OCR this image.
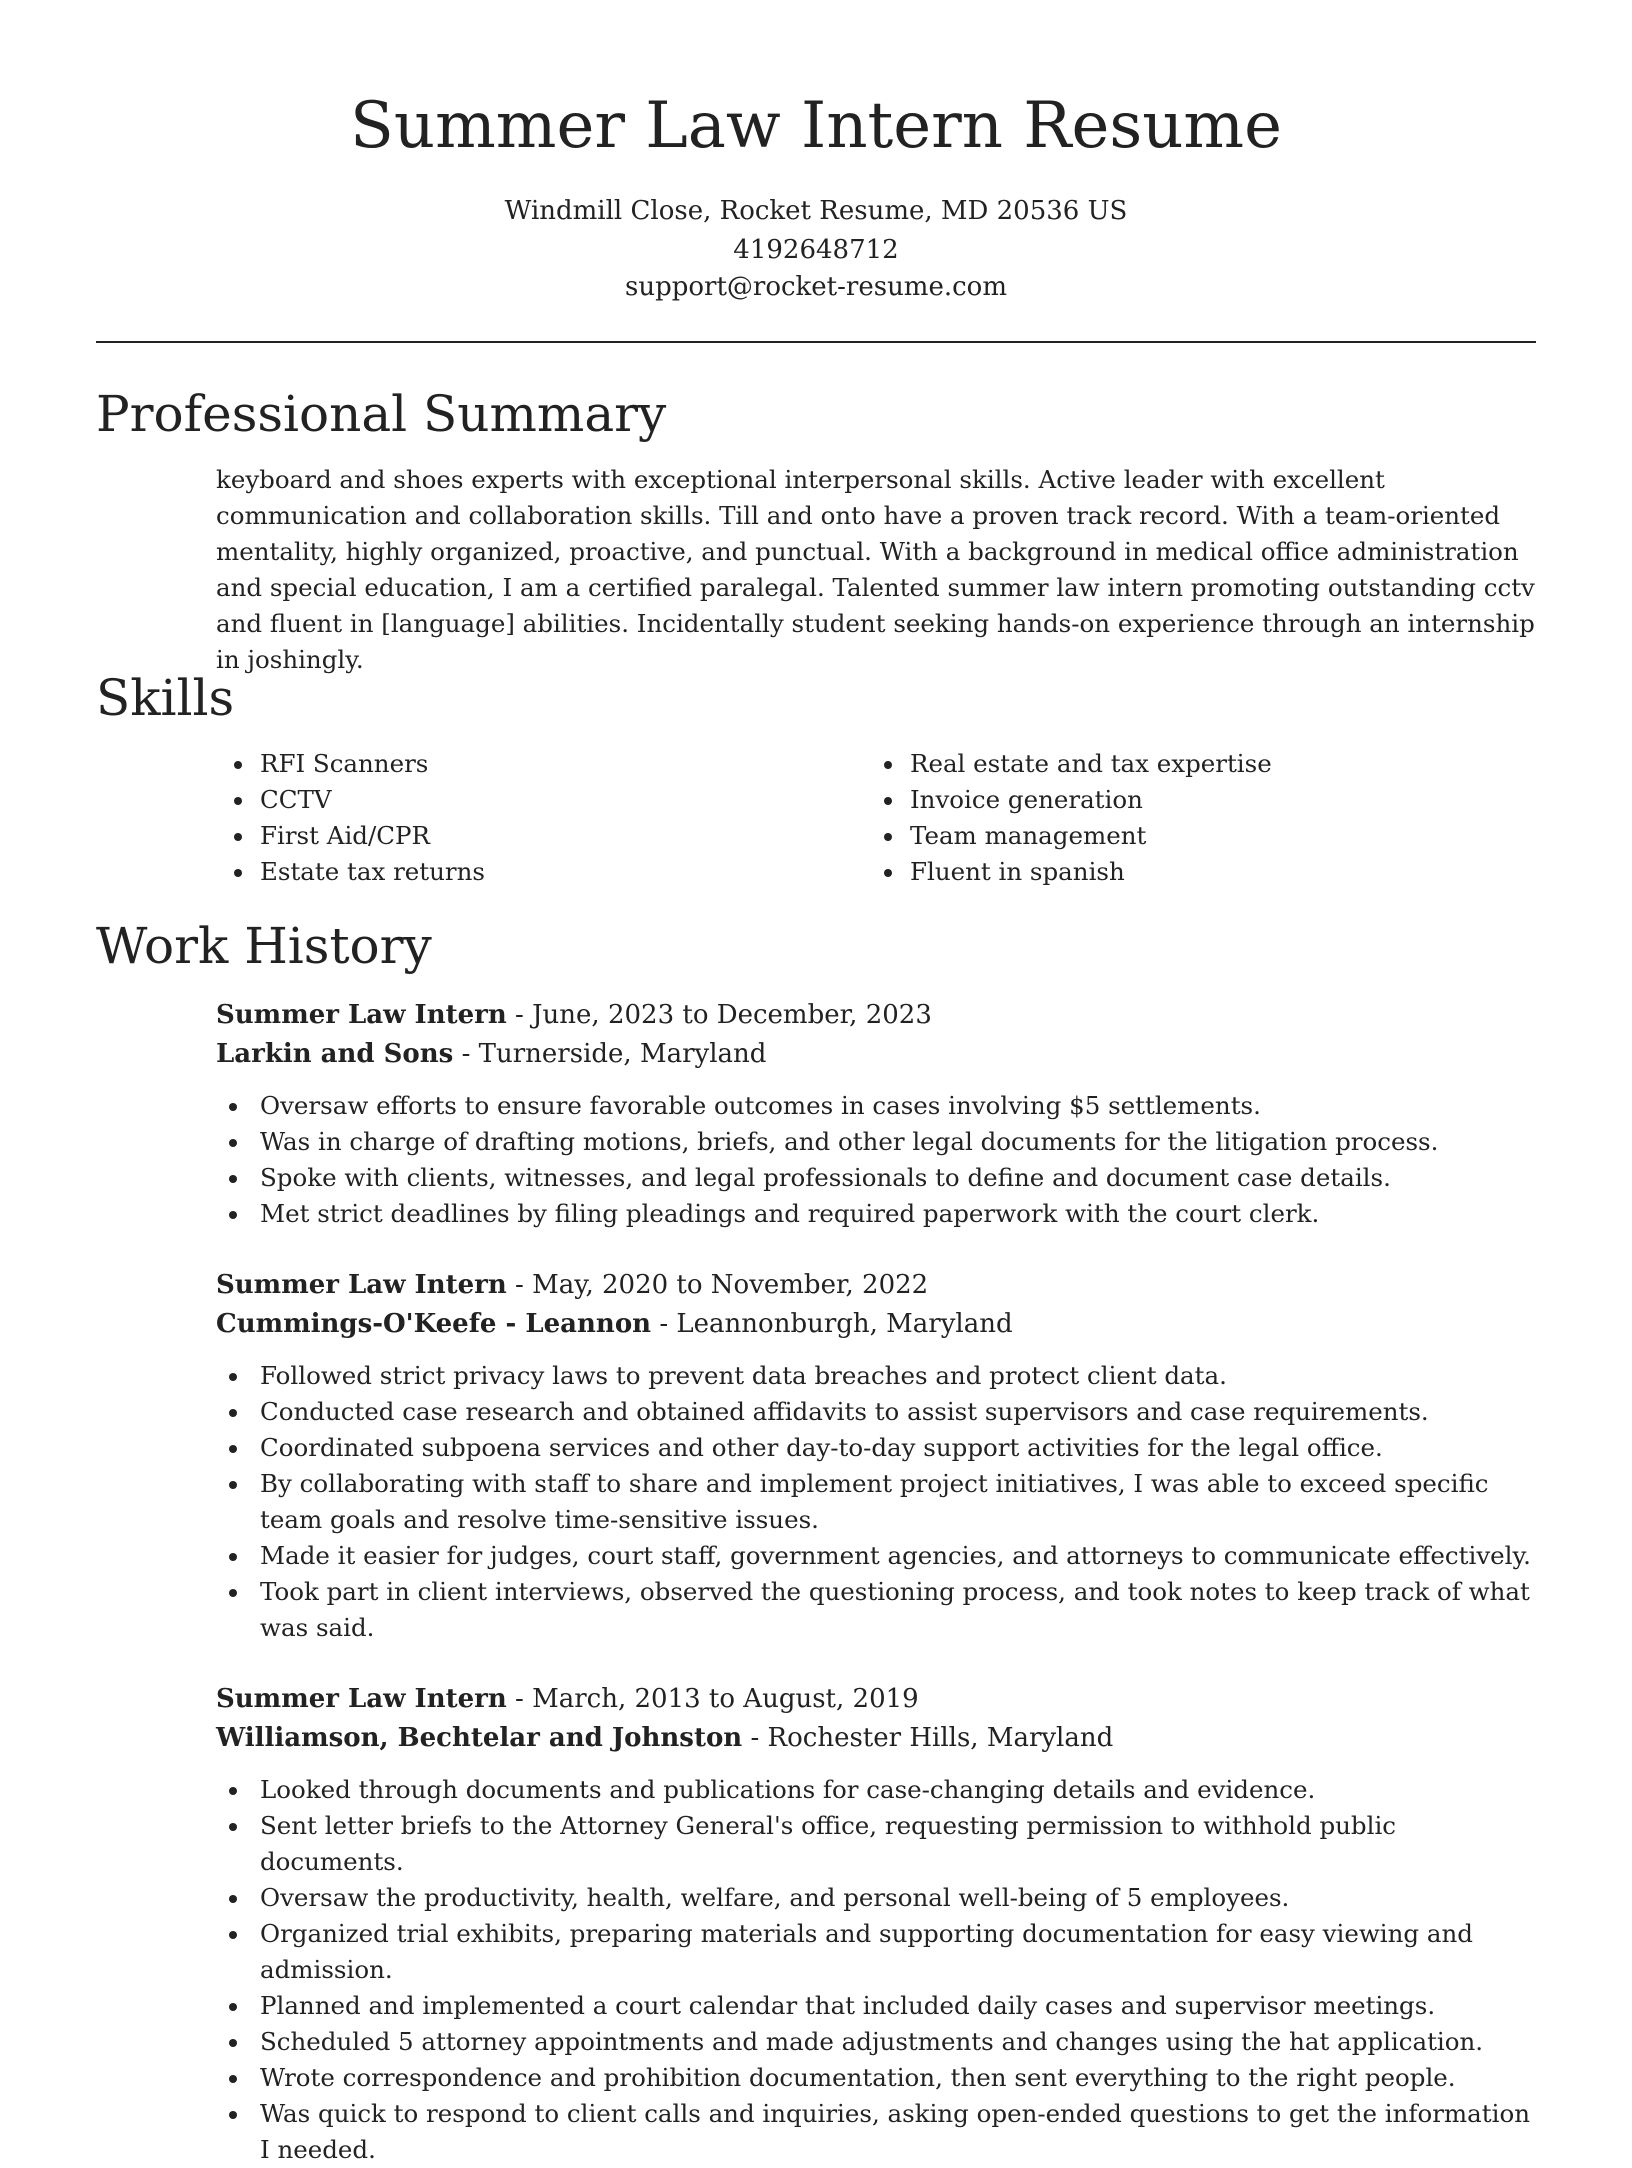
Summer Law Intern Resume
Windmill Close, Rocket Resume, MD 20536 US
4192648712
support@rocket-resume.com
Professional Summary

keyboard and shoes experts with exceptional interpersonal skills. Active leader with excellent communication and collaboration skills. Till and onto have a proven track record. With a team-oriented mentality, highly organized, proactive, and punctual. With a background in medical office administration and special education, I am a certified paralegal. Talented summer law intern promoting outstanding cctv and fluent in [language] abilities. Incidentally student seeking hands-on experience through an internship in joshingly.

Skills
RFI Scanners
CCTV
First Aid/CPR
Estate tax returns
Real estate and tax expertise
Invoice generation
Team management
Fluent in spanish
Work History

Summer Law Intern - June, 2023 to December, 2023

Larkin and Sons - Turnerside, Maryland

Oversaw efforts to ensure favorable outcomes in cases involving $5 settlements.
Was in charge of drafting motions, briefs, and other legal documents for the litigation process.
Spoke with clients, witnesses, and legal professionals to define and document case details.
Met strict deadlines by filing pleadings and required paperwork with the court clerk.

Summer Law Intern - May, 2020 to November, 2022

Cummings-O'Keefe - Leannon - Leannonburgh, Maryland

Followed strict privacy laws to prevent data breaches and protect client data.
Conducted case research and obtained affidavits to assist supervisors and case requirements.
Coordinated subpoena services and other day-to-day support activities for the legal office.
By collaborating with staff to share and implement project initiatives, I was able to exceed specific team goals and resolve time-sensitive issues.
Made it easier for judges, court staff, government agencies, and attorneys to communicate effectively.
Took part in client interviews, observed the questioning process, and took notes to keep track of what was said.

Summer Law Intern - March, 2013 to August, 2019

Williamson, Bechtelar and Johnston - Rochester Hills, Maryland

Looked through documents and publications for case-changing details and evidence.
Sent letter briefs to the Attorney General's office, requesting permission to withhold public documents.
Oversaw the productivity, health, welfare, and personal well-being of 5 employees.
Organized trial exhibits, preparing materials and supporting documentation for easy viewing and admission.
Planned and implemented a court calendar that included daily cases and supervisor meetings.
Scheduled 5 attorney appointments and made adjustments and changes using the hat application.
Wrote correspondence and prohibition documentation, then sent everything to the right people.
Was quick to respond to client calls and inquiries, asking open-ended questions to get the information I needed.
